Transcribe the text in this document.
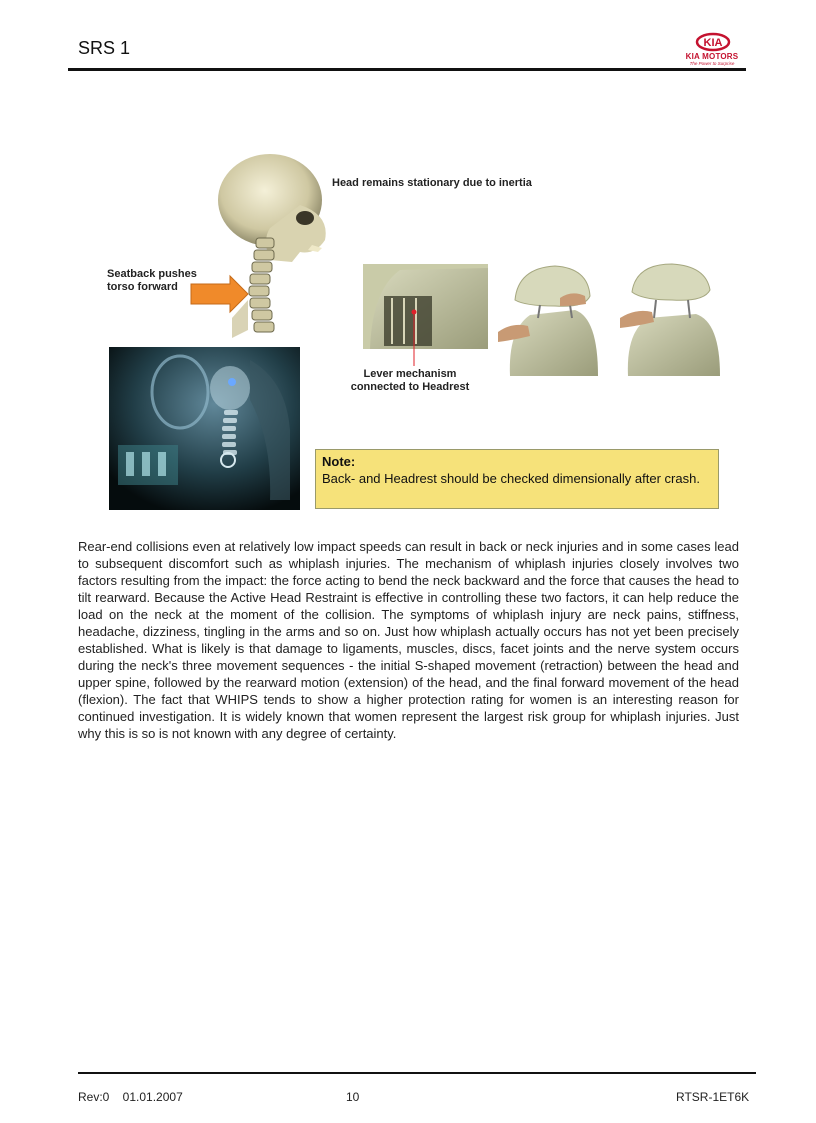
SRS 1	KIA
KIA MOTORS
The Power to Surprise
Head remains stationary due to inertia
Seatback pushes torso forward
Lever mechanism connected to Headrest
Note:
Back- and Headrest should be checked dimensionally after crash.
Rear-end collisions even at relatively low impact speeds can result in back or neck injuries and in some cases lead to subsequent discomfort such as whiplash injuries. The mechanism of whiplash injuries closely involves two factors resulting from the impact: the force acting to bend the neck backward and the force that causes the head to tilt rearward. Because the Active Head Restraint is effective in controlling these two factors, it can help reduce the load on the neck at the moment of the collision. The symptoms of whiplash injury are neck pains, stiffness, headache, dizziness, tingling in the arms and so on. Just how whiplash actually occurs has not yet been precisely established. What is likely is that damage to ligaments, muscles, discs, facet joints and the nerve system occurs during the neck's three movement sequences - the initial S-shaped movement (retraction) between the head and upper spine, followed by the rearward motion (extension) of the head, and the final forward movement of the head (flexion). The fact that WHIPS tends to show a higher protection rating for women is an interesting reason for continued investigation. It is widely known that women represent the largest risk group for whiplash injuries. Just why this is so is not known with any degree of certainty.
Rev:0    01.01.2007	10	RTSR-1ET6K
